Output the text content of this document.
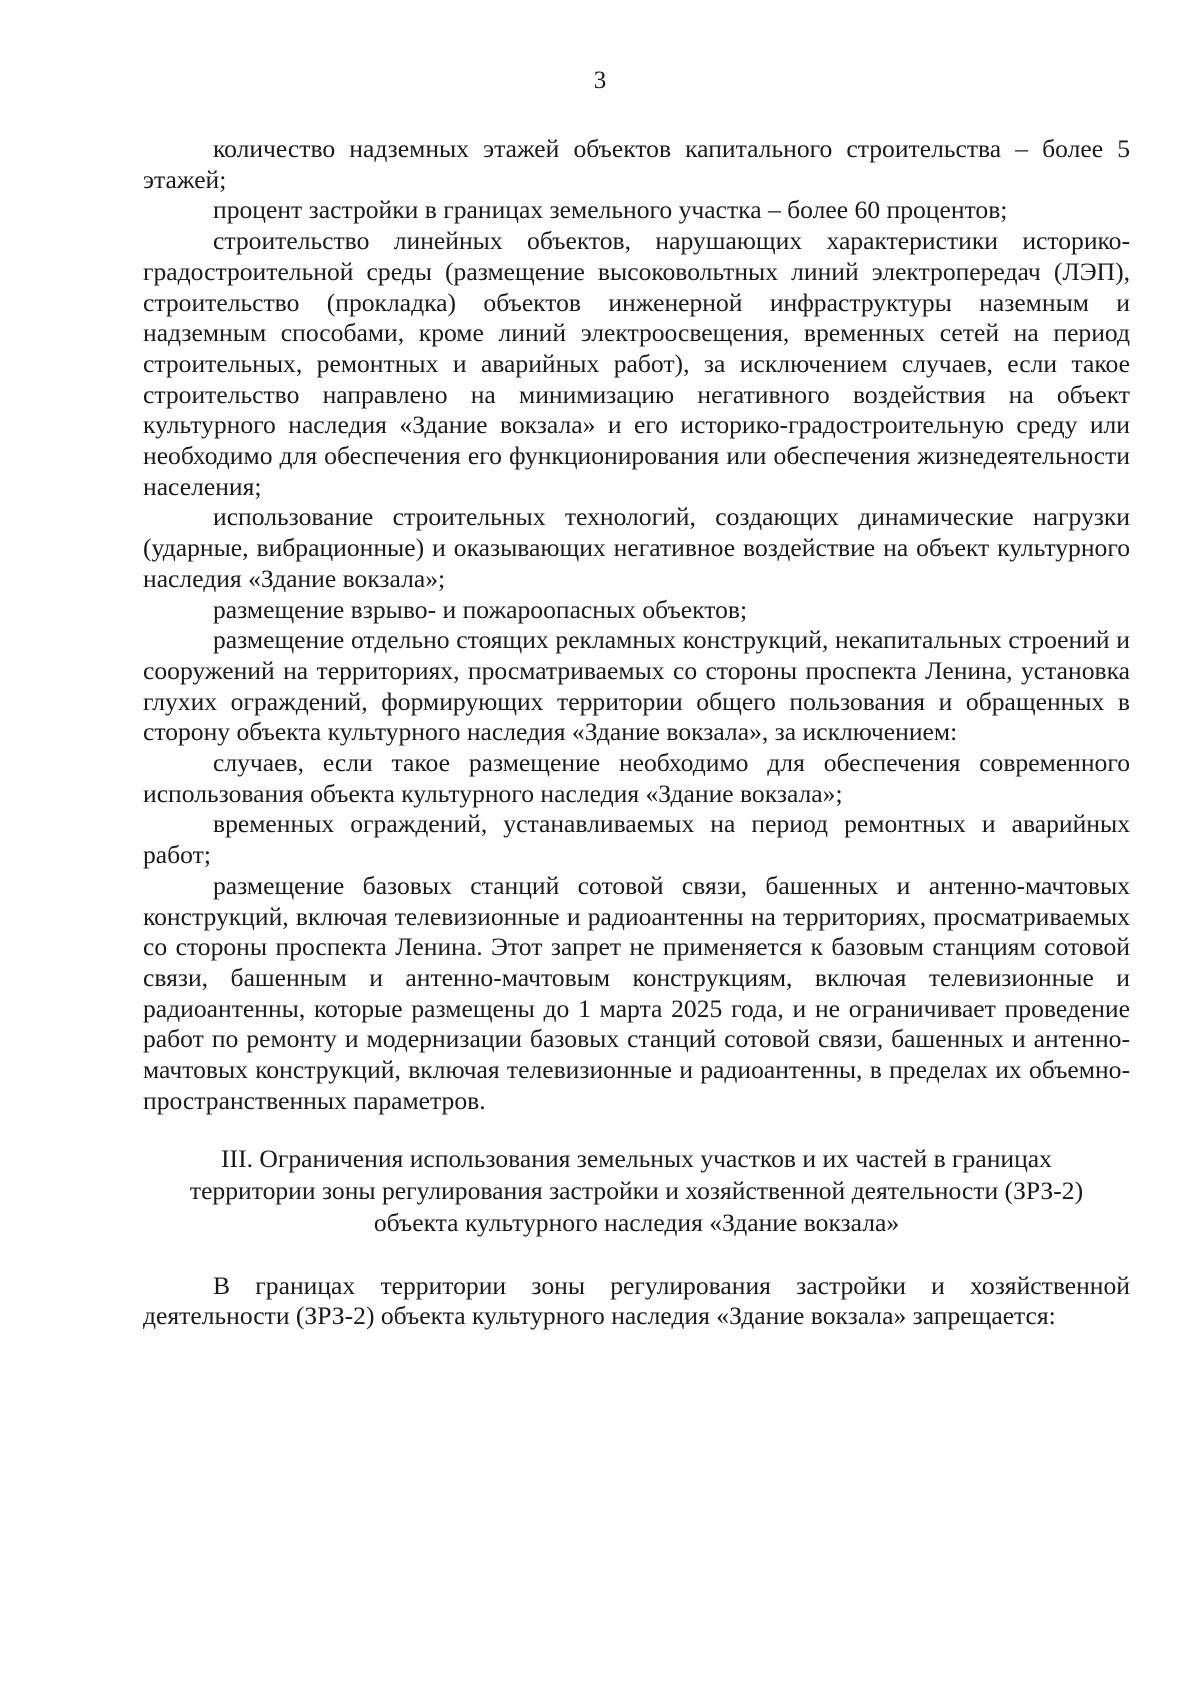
3

количество надземных этажей объектов капитального строительства – более 5 этажей;

процент застройки в границах земельного участка – более 60 процентов;

строительство линейных объектов, нарушающих характеристики историко-градостроительной среды (размещение высоковольтных линий электропередач (ЛЭП), строительство (прокладка) объектов инженерной инфраструктуры наземным и надземным способами, кроме линий электроосвещения, временных сетей на период строительных, ремонтных и аварийных работ), за исключением случаев, если такое строительство направлено на минимизацию негативного воздействия на объект культурного наследия «Здание вокзала» и его историко-градостроительную среду или необходимо для обеспечения его функционирования или обеспечения жизнедеятельности населения;

использование строительных технологий, создающих динамические нагрузки (ударные, вибрационные) и оказывающих негативное воздействие на объект культурного наследия «Здание вокзала»;

размещение взрыво- и пожароопасных объектов;

размещение отдельно стоящих рекламных конструкций, некапитальных строений и сооружений на территориях, просматриваемых со стороны проспекта Ленина, установка глухих ограждений, формирующих территории общего пользования и обращенных в сторону объекта культурного наследия «Здание вокзала», за исключением:

случаев, если такое размещение необходимо для обеспечения современного использования объекта культурного наследия «Здание вокзала»;

временных ограждений, устанавливаемых на период ремонтных и аварийных работ;

размещение базовых станций сотовой связи, башенных и антенно-мачтовых конструкций, включая телевизионные и радиоантенны на территориях, просматриваемых со стороны проспекта Ленина. Этот запрет не применяется к базовым станциям сотовой связи, башенным и антенно-мачтовым конструкциям, включая телевизионные и радиоантенны, которые размещены до 1 марта 2025 года, и не ограничивает проведение работ по ремонту и модернизации базовых станций сотовой связи, башенных и антенно-мачтовых конструкций, включая телевизионные и радиоантенны, в пределах их объемно-пространственных параметров.

III. Ограничения использования земельных участков и их частей в границах территории зоны регулирования застройки и хозяйственной деятельности (ЗРЗ-2) объекта культурного наследия «Здание вокзала»

В границах территории зоны регулирования застройки и хозяйственной деятельности (ЗРЗ-2) объекта культурного наследия «Здание вокзала» запрещается:
